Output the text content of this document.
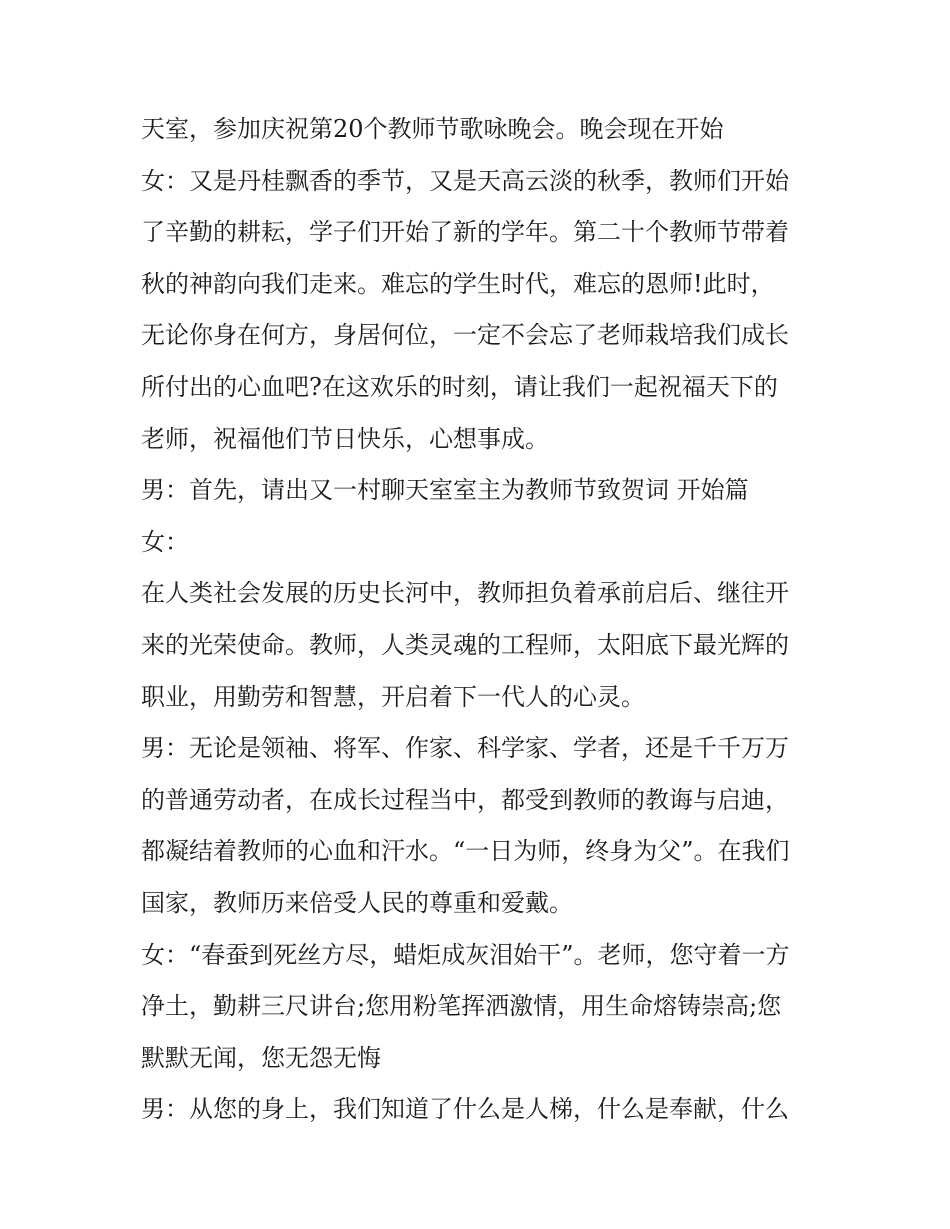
天室，参加庆祝第20个教师节歌咏晚会。晚会现在开始
女：又是丹桂飘香的季节，又是天高云淡的秋季，教师们开始
了辛勤的耕耘，学子们开始了新的学年。第二十个教师节带着
秋的神韵向我们走来。难忘的学生时代，难忘的恩师!此时，
无论你身在何方，身居何位，一定不会忘了老师栽培我们成长
所付出的心血吧?在这欢乐的时刻，请让我们一起祝福天下的
老师，祝福他们节日快乐，心想事成。
男：首先，请出又一村聊天室室主为教师节致贺词 开始篇
女：
在人类社会发展的历史长河中，教师担负着承前启后、继往开
来的光荣使命。教师，人类灵魂的工程师，太阳底下最光辉的
职业，用勤劳和智慧，开启着下一代人的心灵。
男：无论是领袖、将军、作家、科学家、学者，还是千千万万
的普通劳动者，在成长过程当中，都受到教师的教诲与启迪，
都凝结着教师的心血和汗水。“一日为师，终身为父”。在我们
国家，教师历来倍受人民的尊重和爱戴。
女：“春蚕到死丝方尽，蜡炬成灰泪始干”。老师，您守着一方
净土，勤耕三尺讲台;您用粉笔挥洒激情，用生命熔铸崇高;您
默默无闻，您无怨无悔
男：从您的身上，我们知道了什么是人梯，什么是奉献，什么
